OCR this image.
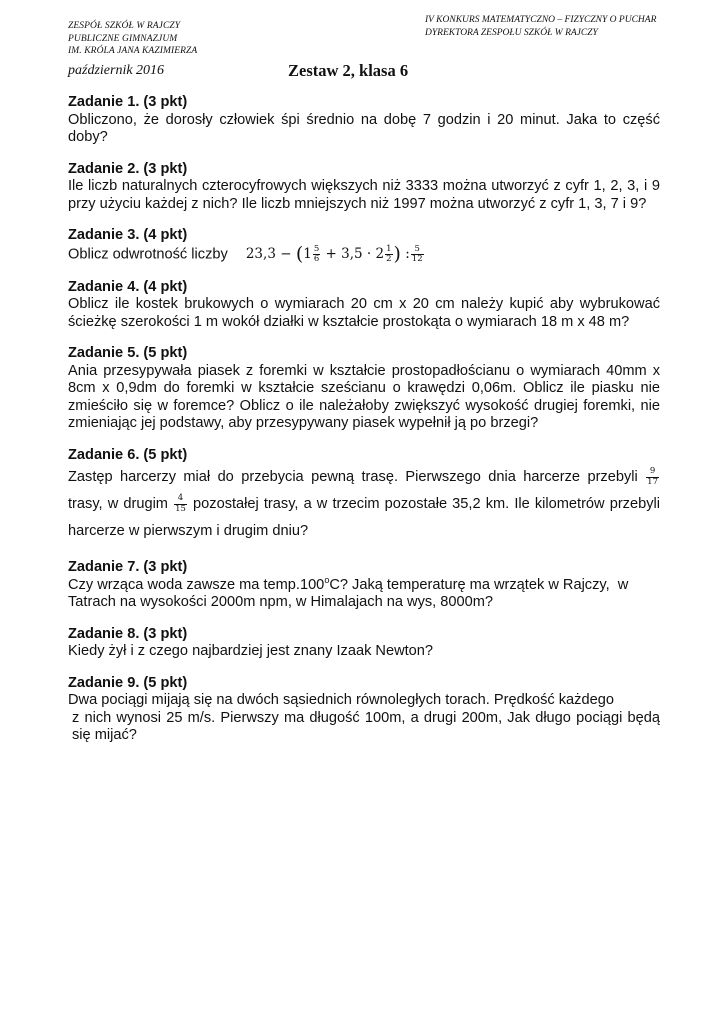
ZESPÓŁ SZKÓŁ W RAJCZY
PUBLICZNE GIMNAZJUM
IM. KRÓLA JANA KAZIMIERZA
IV KONKURS MATEMATYCZNO – FIZYCZNY O PUCHAR
DYREKTORA ZESPOŁU SZKÓŁ W RAJCZY
październik 2016	Zestaw 2, klasa 6
Zadanie 1. (3 pkt)
Obliczono, że dorosły człowiek śpi średnio na dobę 7 godzin i 20 minut. Jaka to część doby?
Zadanie 2. (3 pkt)
Ile liczb naturalnych czterocyfrowych większych niż 3333 można utworzyć z cyfr 1, 2, 3, i 9 przy użyciu każdej z nich? Ile liczb mniejszych niż 1997 można utworzyć z cyfr 1, 3, 7 i 9?
Zadanie 3. (4 pkt)
Oblicz odwrotność liczby $23,3 - (1 \frac{5}{6} + 3,5 \cdot 2 \frac{1}{2}$ ) : $\frac{5}{12}$
Zadanie 4. (4 pkt)
Oblicz ile kostek brukowych o wymiarach 20 cm x 20 cm należy kupić aby wybrukować ścieżkę szerokości 1 m wokół działki w kształcie prostokąta o wymiarach 18 m x 48 m?
Zadanie 5. (5 pkt)
Ania przesypywała piasek z foremki w kształcie prostopadłościanu o wymiarach 40mm x 8cm x 0,9dm do foremki w kształcie sześcianu o krawędzi 0,06m. Oblicz ile piasku nie zmieściło się w foremce? Oblicz o ile należałoby zwiększyć wysokość drugiej foremki, nie zmieniając jej podstawy, aby przesypywany piasek wypełnił ją po brzegi?
Zadanie 6. (5 pkt)
Zastęp harcerzy miał do przebycia pewną trasę. Pierwszego dnia harcerze przebyli $\frac{9}{17}$
trasy, w drugim $\frac{4}{15}$ pozostałej trasy, a w trzecim pozostałe 35,2 km. Ile kilometrów przebyli harcerze w pierwszym i drugim dniu?
Zadanie 7. (3 pkt)
Czy wrząca woda zawsze ma temp.100$^o$C? Jaką temperaturę ma wrzątek w Rajczy, w Tatrach na wysokości 2000m npm, w Himalajach na wys, 8000m?
Zadanie 8. (3 pkt)
Kiedy żył i z czego najbardziej jest znany Izaak Newton?
Zadanie 9. (5 pkt)
Dwa pociągi mijają się na dwóch sąsiednich równoległych torach. Prędkość każdego
z nich wynosi 25 m/s. Pierwszy ma długość 100m, a drugi 200m, Jak długo pociągi będą się mijać?
